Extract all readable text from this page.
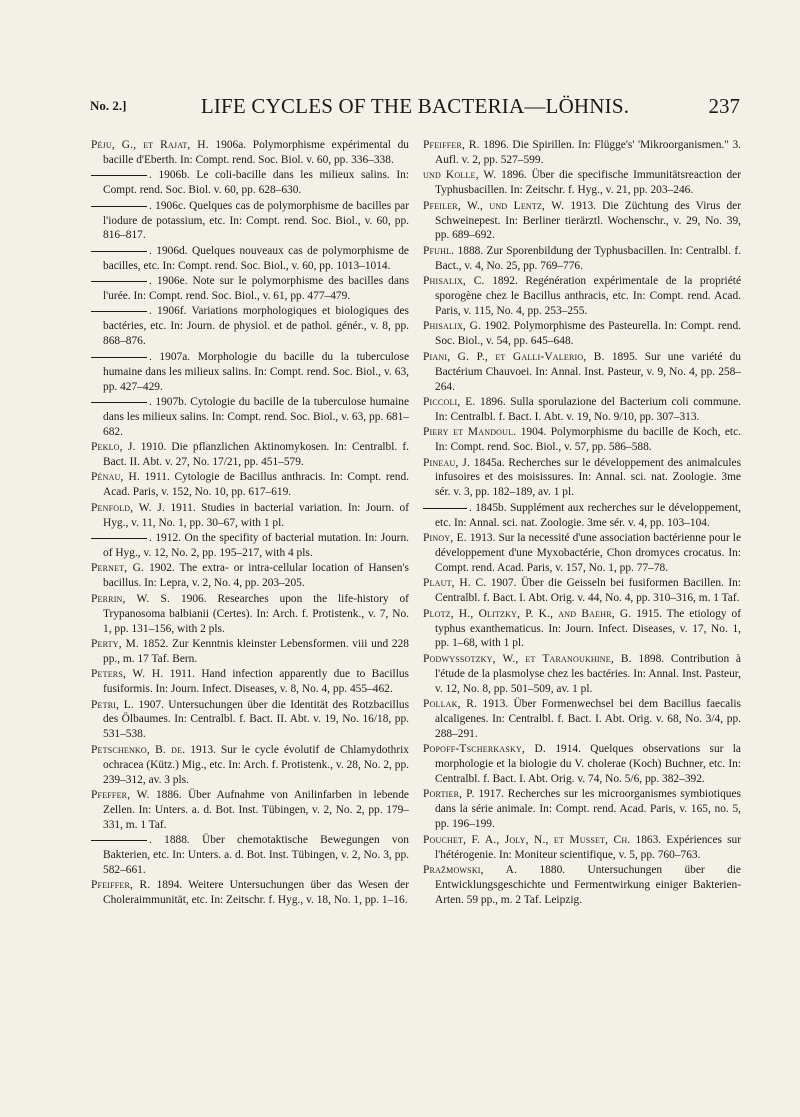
No. 2.]	LIFE CYCLES OF THE BACTERIA—LÖHNIS.	237

Péju, G., et Rajat, H. 1906a. Polymorphisme expérimental du bacille d'Eberth. In: Compt. rend. Soc. Biol. v. 60, pp. 336–338.

. 1906b. Le coli-bacille dans les milieux salins. In: Compt. rend. Soc. Biol. v. 60, pp. 628–630.

. 1906c. Quelques cas de polymorphisme de bacilles par l'iodure de potassium, etc. In: Compt. rend. Soc. Biol., v. 60, pp. 816–817.

. 1906d. Quelques nouveaux cas de polymorphisme de bacilles, etc. In: Compt. rend. Soc. Biol., v. 60, pp. 1013–1014.

. 1906e. Note sur le polymorphisme des bacilles dans l'urée. In: Compt. rend. Soc. Biol., v. 61, pp. 477–479.

. 1906f. Variations morphologiques et biologiques des bactéries, etc. In: Journ. de physiol. et de pathol. génér., v. 8, pp. 868–876.

. 1907a. Morphologie du bacille du la tuberculose humaine dans les milieux salins. In: Compt. rend. Soc. Biol., v. 63, pp. 427–429.

. 1907b. Cytologie du bacille de la tuberculose humaine dans les milieux salins. In: Compt. rend. Soc. Biol., v. 63, pp. 681–682.

Peklo, J. 1910. Die pflanzlichen Aktinomykosen. In: Centralbl. f. Bact. II. Abt. v. 27, No. 17/21, pp. 451–579.

Pénau, H. 1911. Cytologie de Bacillus anthracis. In: Compt. rend. Acad. Paris, v. 152, No. 10, pp. 617–619.

Penfold, W. J. 1911. Studies in bacterial variation. In: Journ. of Hyg., v. 11, No. 1, pp. 30–67, with 1 pl.

. 1912. On the specifity of bacterial mutation. In: Journ. of Hyg., v. 12, No. 2, pp. 195–217, with 4 pls.

Pernet, G. 1902. The extra- or intra-cellular location of Hansen's bacillus. In: Lepra, v. 2, No. 4, pp. 203–205.

Perrin, W. S. 1906. Researches upon the life-history of Trypanosoma balbianii (Certes). In: Arch. f. Protistenk., v. 7, No. 1, pp. 131–156, with 2 pls.

Perty, M. 1852. Zur Kenntnis kleinster Lebensformen. viii und 228 pp., m. 17 Taf. Bern.

Peters, W. H. 1911. Hand infection apparently due to Bacillus fusiformis. In: Journ. Infect. Diseases, v. 8, No. 4, pp. 455–462.

Petri, L. 1907. Untersuchungen über die Identität des Rotzbacillus des Ölbaumes. In: Centralbl. f. Bact. II. Abt. v. 19, No. 16/18, pp. 531–538.

Petschenko, B. de. 1913. Sur le cycle évolutif de Chlamydothrix ochracea (Kütz.) Mig., etc. In: Arch. f. Protistenk., v. 28, No. 2, pp. 239–312, av. 3 pls.

Pfeffer, W. 1886. Über Aufnahme von Anilinfarben in lebende Zellen. In: Unters. a. d. Bot. Inst. Tübingen, v. 2, No. 2, pp. 179–331, m. 1 Taf.

. 1888. Über chemotaktische Bewegungen von Bakterien, etc. In: Unters. a. d. Bot. Inst. Tübingen, v. 2, No. 3, pp. 582–661.

Pfeiffer, R. 1894. Weitere Untersuchungen über das Wesen der Choleraimmunität, etc. In: Zeitschr. f. Hyg., v. 18, No. 1, pp. 1–16.

Pfeiffer, R. 1896. Die Spirillen. In: Flügge's' 'Mikroorganismen." 3. Aufl. v. 2, pp. 527–599.

und Kolle, W. 1896. Über die specifische Immunitätsreaction der Typhusbacillen. In: Zeitschr. f. Hyg., v. 21, pp. 203–246.

Pfeiler, W., und Lentz, W. 1913. Die Züchtung des Virus der Schweinepest. In: Berliner tierärztl. Wochenschr., v. 29, No. 39, pp. 689–692.

Pfuhl. 1888. Zur Sporenbildung der Typhusbacillen. In: Centralbl. f. Bact., v. 4, No. 25, pp. 769–776.

Phisalix, C. 1892. Regénération expérimentale de la propriété sporogène chez le Bacillus anthracis, etc. In: Compt. rend. Acad. Paris, v. 115, No. 4, pp. 253–255.

Phisalix, G. 1902. Polymorphisme des Pasteurella. In: Compt. rend. Soc. Biol., v. 54, pp. 645–648.

Piani, G. P., et Galli-Valerio, B. 1895. Sur une variété du Bactérium Chauvoei. In: Annal. Inst. Pasteur, v. 9, No. 4, pp. 258–264.

Piccoli, E. 1896. Sulla sporulazione del Bacterium coli commune. In: Centralbl. f. Bact. I. Abt. v. 19, No. 9/10, pp. 307–313.

Piery et Mandoul. 1904. Polymorphisme du bacille de Koch, etc. In: Compt. rend. Soc. Biol., v. 57, pp. 586–588.

Pineau, J. 1845a. Recherches sur le développement des animalcules infusoires et des moisissures. In: Annal. sci. nat. Zoologie. 3me sér. v. 3, pp. 182–189, av. 1 pl.

. 1845b. Supplément aux recherches sur le développement, etc. In: Annal. sci. nat. Zoologie. 3me sér. v. 4, pp. 103–104.

Pinoy, E. 1913. Sur la necessité d'une association bactérienne pour le développement d'une Myxobactérie, Chon dromyces crocatus. In: Compt. rend. Acad. Paris, v. 157, No. 1, pp. 77–78.

Plaut, H. C. 1907. Über die Geisseln bei fusiformen Bacillen. In: Centralbl. f. Bact. I. Abt. Orig. v. 44, No. 4, pp. 310–316, m. 1 Taf.

Plotz, H., Olitzky, P. K., and Baehr, G. 1915. The etiology of typhus exanthematicus. In: Journ. Infect. Diseases, v. 17, No. 1, pp. 1–68, with 1 pl.

Podwyssotzky, W., et Taranoukhine, B. 1898. Contribution à l'étude de la plasmolyse chez les bactéries. In: Annal. Inst. Pasteur, v. 12, No. 8, pp. 501–509, av. 1 pl.

Pollak, R. 1913. Über Formenwechsel bei dem Bacillus faecalis alcaligenes. In: Centralbl. f. Bact. I. Abt. Orig. v. 68, No. 3/4, pp. 288–291.

Popoff-Tscherkasky, D. 1914. Quelques observations sur la morphologie et la biologie du V. cholerae (Koch) Buchner, etc. In: Centralbl. f. Bact. I. Abt. Orig. v. 74, No. 5/6, pp. 382–392.

Portier, P. 1917. Recherches sur les microorganismes symbiotiques dans la série animale. In: Compt. rend. Acad. Paris, v. 165, no. 5, pp. 196–199.

Pouchet, F. A., Joly, N., et Musset, Ch. 1863. Expériences sur l'hétérogenie. In: Moniteur scientifique, v. 5, pp. 760–763.

Pražmowski, A. 1880. Untersuchungen über die Entwicklungsgeschichte und Fermentwirkung einiger Bakterien-Arten. 59 pp., m. 2 Taf. Leipzig.
